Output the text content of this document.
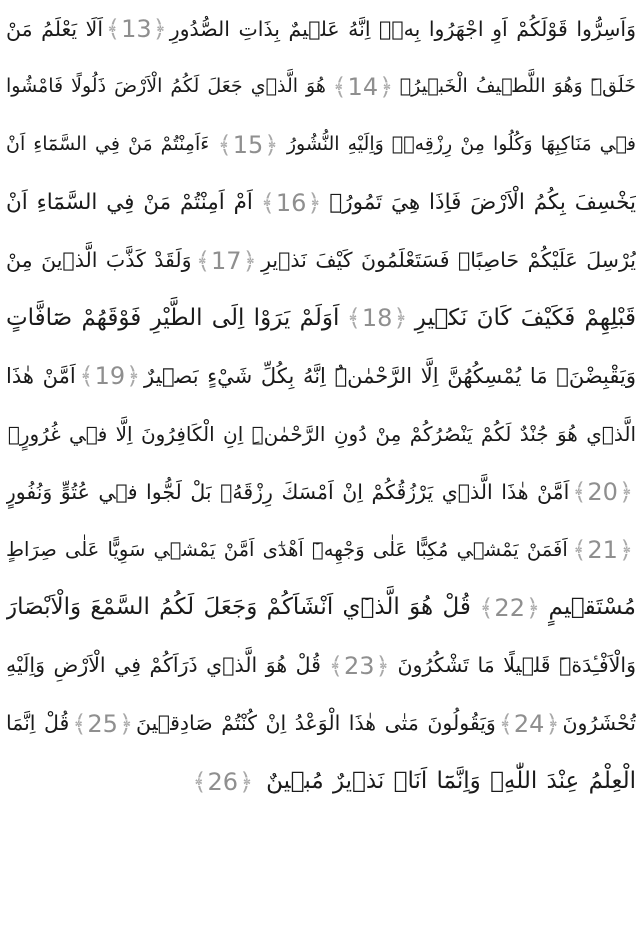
وَاَسِرُّوا قَوْلَكُمْ اَوِ اجْهَرُوا بِهٖۜ اِنَّهُ عَلٖيمٌ بِذَاتِ الصُّدُورِ
﴾ 13 ﴿
اَلَا يَعْلَمُ مَنْ
خَلَقَۜ وَهُوَ اللَّطٖيفُ الْخَبٖيرُ۟
﴾ 14 ﴿
هُوَ الَّذٖي جَعَلَ لَكُمُ الْاَرْضَ ذَلُولًا فَامْشُوا
فٖي مَنَاكِبِهَا وَكُلُوا مِنْ رِزْقِهٖۜ وَاِلَيْهِ النُّشُورُ
﴾ 15 ﴿
ءَاَمِنْتُمْ مَنْ فِي السَّمَٓاءِ اَنْ
يَخْسِفَ بِكُمُ الْاَرْضَ فَاِذَا هِيَ تَمُورُۙ
﴾ 16 ﴿
اَمْ اَمِنْتُمْ مَنْ فِي السَّمَٓاءِ اَنْ
يُرْسِلَ عَلَيْكُمْ حَاصِبًاۜ فَسَتَعْلَمُونَ كَيْفَ نَذٖيرِ
﴾ 17 ﴿
وَلَقَدْ كَذَّبَ الَّذٖينَ مِنْ
قَبْلِهِمْ فَكَيْفَ كَانَ نَكٖيرِ
﴾ 18 ﴿
اَوَلَمْ يَرَوْا اِلَى الطَّيْرِ فَوْقَهُمْ صَٓافَّاتٍ
وَيَقْبِضْنَۢ مَا يُمْسِكُهُنَّ اِلَّا الرَّحْمٰنُۜ اِنَّهُ بِكُلِّ شَيْءٍ بَصٖيرٌ
﴾ 19 ﴿
اَمَّنْ هٰذَا
الَّذٖي هُوَ جُنْدٌ لَكُمْ يَنْصُرُكُمْ مِنْ دُونِ الرَّحْمٰنِۜ اِنِ الْكَافِرُونَ اِلَّا فٖي غُرُورٍۚ
﴾ 20 ﴿
اَمَّنْ هٰذَا الَّذٖي يَرْزُقُكُمْ اِنْ اَمْسَكَ رِزْقَهُۚ بَلْ لَجُّوا فٖي عُتُوٍّ وَنُفُورٍ
﴾ 21 ﴿
اَفَمَنْ يَمْشٖي مُكِبًّا عَلٰى وَجْهِهٖٓ اَهْدٰٓى اَمَّنْ يَمْشٖي سَوِيًّا عَلٰى صِرَاطٍ
مُسْتَقٖيمٍ
﴾ 22 ﴿
قُلْ هُوَ الَّذٖٓي اَنْشَاَكُمْ وَجَعَلَ لَكُمُ السَّمْعَ وَالْاَبْصَارَ
وَالْاَفْـِٔدَةَۜ قَلٖيلًا مَا تَشْكُرُونَ
﴾ 23 ﴿
قُلْ هُوَ الَّذٖي ذَرَاَكُمْ فِي الْاَرْضِ وَاِلَيْهِ
تُحْشَرُونَ
﴾ 24 ﴿
وَيَقُولُونَ مَتٰى هٰذَا الْوَعْدُ اِنْ كُنْتُمْ صَادِقٖينَ
﴾ 25 ﴿
قُلْ اِنَّمَا
الْعِلْمُ عِنْدَ اللّٰهِۖ وَاِنَّمَٓا اَنَا۬ نَذٖيرٌ مُبٖينٌ
﴾ 26 ﴿
